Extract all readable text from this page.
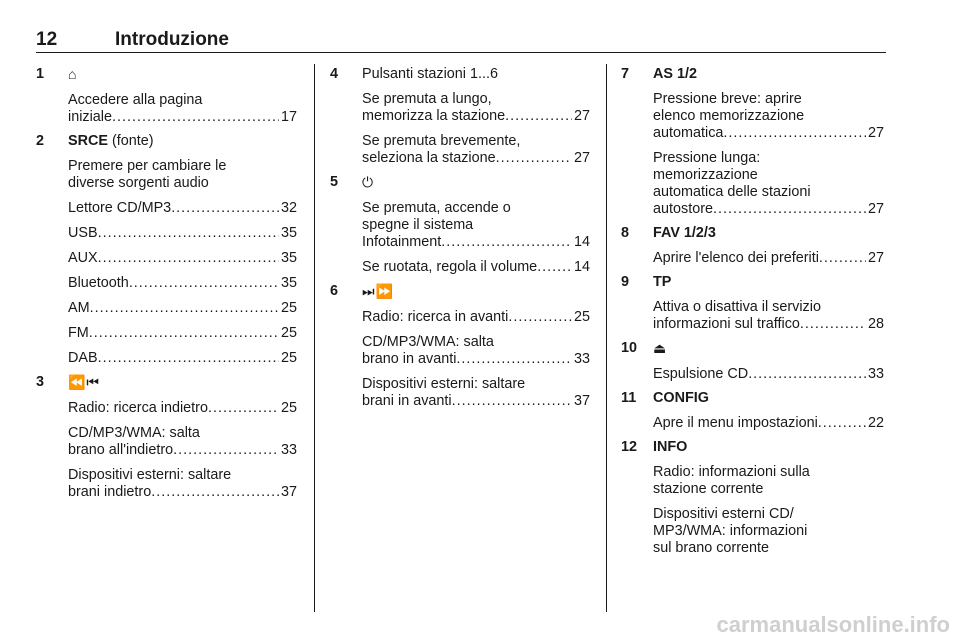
12	Introduzione
1 ⌂
Accedere alla pagina
iniziale .....	17
2 SRCE (fonte)
Premere per cambiare le
diverse sorgenti audio
Lettore CD/MP3 .....	32
USB .....	35
AUX .....	35
Bluetooth .....	35
AM .....	25
FM .....	25
DAB .....	25
3 ⏪⏮
Radio: ricerca indietro .....	25
CD/MP3/WMA: salta
brano all'indietro .....	33
Dispositivi esterni: saltare
brani indietro .....	37
4 Pulsanti stazioni 1...6
Se premuta a lungo,
memorizza la stazione .....	27
Se premuta brevemente,
seleziona la stazione .....	27
5 ⏻
Se premuta, accende o
spegne il sistema
Infotainment .....	14
Se ruotata, regola il volume .....	14
6 ⏭⏩
Radio: ricerca in avanti .....	25
CD/MP3/WMA: salta
brano in avanti .....	33
Dispositivi esterni: saltare
brani in avanti .....	37
7 AS 1/2
Pressione breve: aprire
elenco memorizzazione
automatica .....	27
Pressione lunga:
memorizzazione
automatica delle stazioni
autostore .....	27
8 FAV 1/2/3
Aprire l'elenco dei preferiti .....	27
9 TP
Attiva o disattiva il servizio
informazioni sul traffico .....	28
10 ⏏
Espulsione CD .....	33
11 CONFIG
Apre il menu impostazioni .....	22
12 INFO
Radio: informazioni sulla
stazione corrente
Dispositivi esterni CD/
MP3/WMA: informazioni
sul brano corrente
carmanualsonline.info
